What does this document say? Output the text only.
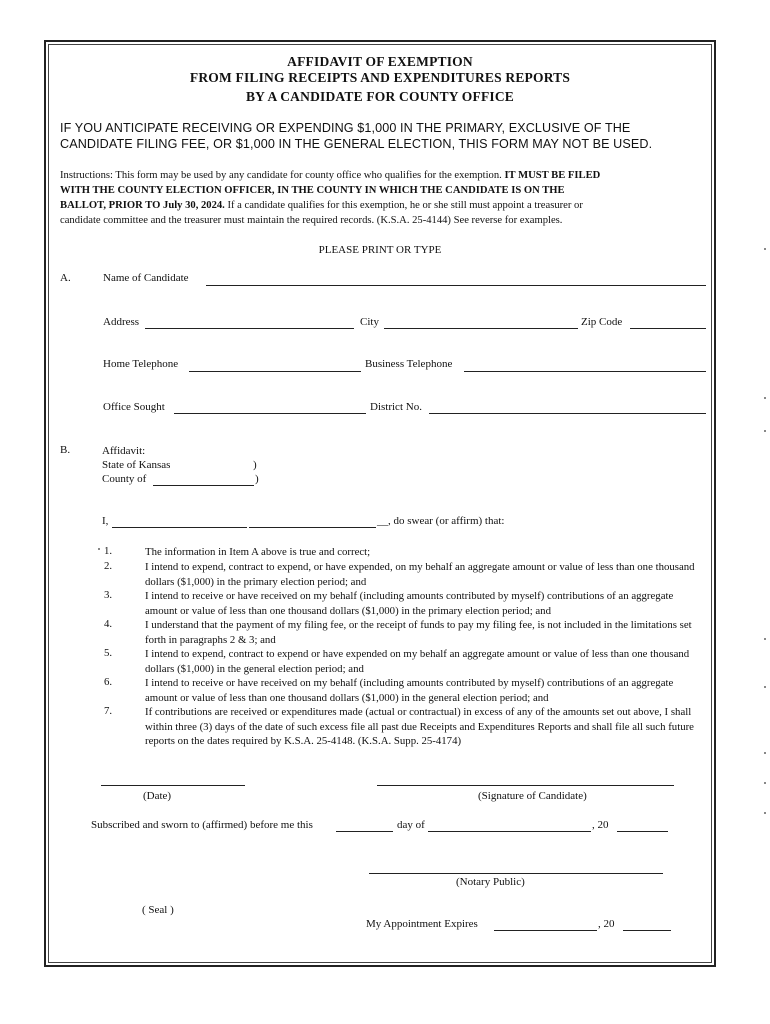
AFFIDAVIT OF EXEMPTION
FROM FILING RECEIPTS AND EXPENDITURES REPORTS
BY A CANDIDATE FOR COUNTY OFFICE
IF YOU ANTICIPATE RECEIVING OR EXPENDING $1,000 IN THE PRIMARY, EXCLUSIVE OF THE
CANDIDATE FILING FEE, OR $1,000 IN THE GENERAL ELECTION, THIS FORM MAY NOT BE USED.
Instructions: This form may be used by any candidate for county office who qualifies for the exemption. IT MUST BE FILED
WITH THE COUNTY ELECTION OFFICER, IN THE COUNTY IN WHICH THE CANDIDATE IS ON THE
BALLOT, PRIOR TO July 30, 2024. If a candidate qualifies for this exemption, he or she still must appoint a treasurer or
candidate committee and the treasurer must maintain the required records. (K.S.A. 25-4144) See reverse for examples.
PLEASE PRINT OR TYPE
A.	Name of Candidate
Address	City	Zip Code
Home Telephone	Business Telephone
Office Sought	District No.
B.	Affidavit:
State of Kansas	)
County of	)
I,	__, do swear (or affirm) that:
1.	The information in Item A above is true and correct;
2.	I intend to expend, contract to expend, or have expended, on my behalf an aggregate amount or value of less than one thousand dollars ($1,000) in the primary election period; and
3.	I intend to receive or have received on my behalf (including amounts contributed by myself) contributions of an aggregate amount or value of less than one thousand dollars ($1,000) in the primary election period; and
4.	I understand that the payment of my filing fee, or the receipt of funds to pay my filing fee, is not included in the limitations set forth in paragraphs 2 & 3; and
5.	I intend to expend, contract to expend or have expended on my behalf an aggregate amount or value of less than one thousand dollars ($1,000) in the general election period; and
6.	I intend to receive or have received on my behalf (including amounts contributed by myself) contributions of an aggregate amount or value of less than one thousand dollars ($1,000) in the general election period; and
7.	If contributions are received or expenditures made (actual or contractual) in excess of any of the amounts set out above, I shall within three (3) days of the date of such excess file all past due Receipts and Expenditures Reports and shall file all such future reports on the dates required by K.S.A. 25-4148. (K.S.A. Supp. 25-4174)
(Date)	(Signature of Candidate)
Subscribed and sworn to (affirmed) before me this	day of	, 20
(Notary Public)
( Seal )
My Appointment Expires	, 20
